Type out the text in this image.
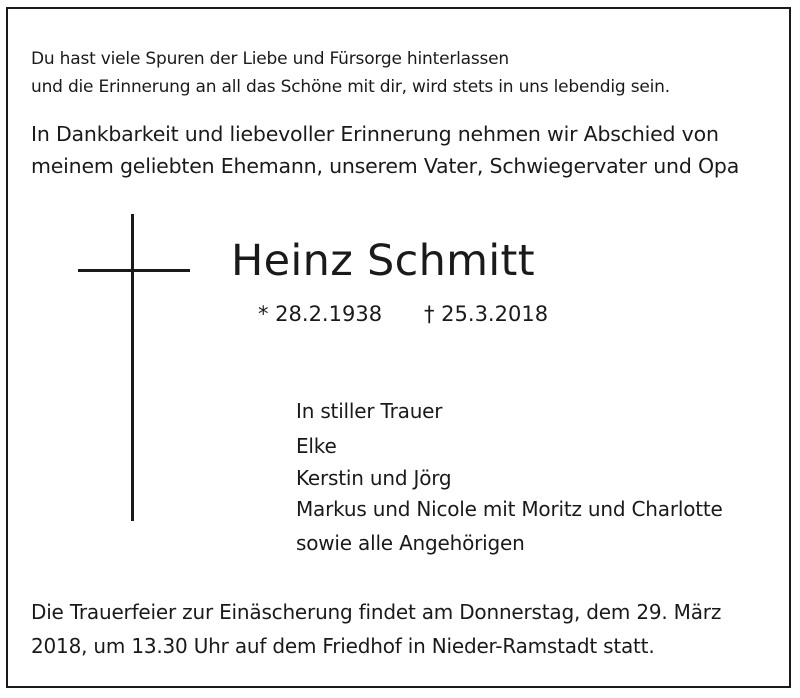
Du hast viele Spuren der Liebe und Fürsorge hinterlassen
und die Erinnerung an all das Schöne mit dir, wird stets in uns lebendig sein.
In Dankbarkeit und liebevoller Erinnerung nehmen wir Abschied von
meinem geliebten Ehemann, unserem Vater, Schwiegervater und Opa
Heinz Schmitt
* 28.2.1938 † 25.3.2018
In stiller Trauer
Elke
Kerstin und Jörg
Markus und Nicole mit Moritz und Charlotte
sowie alle Angehörigen
Die Trauerfeier zur Einäscherung findet am Donnerstag, dem 29. März
2018, um 13.30 Uhr auf dem Friedhof in Nieder-Ramstadt statt.
